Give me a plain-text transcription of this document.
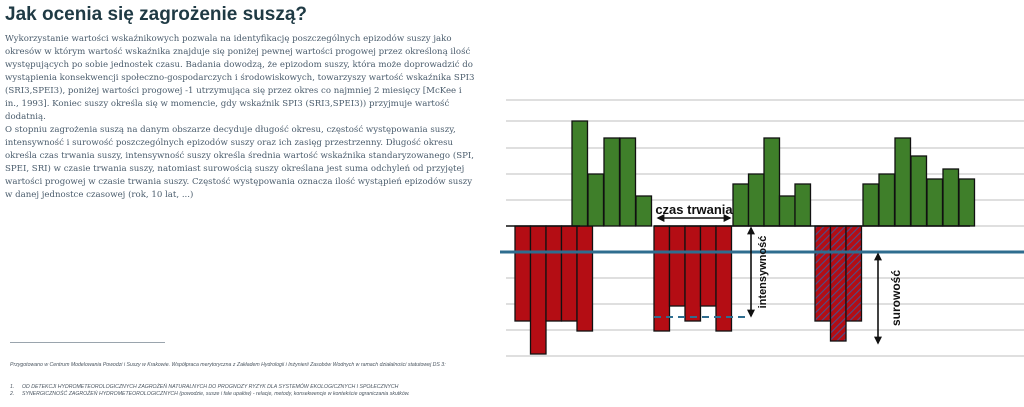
Jak ocenia się zagrożenie suszą?

Wykorzystanie wartości wskaźnikowych pozwala na identyfikację poszczególnych epizodów suszy jako okresów w którym wartość wskaźnika znajduje się poniżej pewnej wartości progowej przez określoną ilość występujących po sobie jednostek czasu. Badania dowodzą, że epizodom suszy, która może doprowadzić do wystąpienia konsekwencji społeczno-gospodarczych i środowiskowych, towarzyszy wartość wskaźnika SPI3 (SRI3,SPEI3), poniżej wartości progowej -1 utrzymująca się przez okres co najmniej 2 miesięcy [McKee i in., 1993]. Koniec suszy określa się w momencie, gdy wskaźnik SPI3 (SRI3,SPEI3)) przyjmuje wartość dodatnią.

O stopniu zagrożenia suszą na danym obszarze decyduje długość okresu, częstość występowania suszy, intensywność i surowość poszczególnych epizodów suszy oraz ich zasięg przestrzenny. Długość okresu określa czas trwania suszy, intensywność suszy określa średnia wartość wskaźnika standaryzowanego (SPI, SPEI, SRI) w czasie trwania suszy, natomiast surowością suszy określana jest suma odchyleń od przyjętej wartości progowej w czasie trwania suszy. Częstość występowania oznacza ilość wystąpień epizodów suszy w danej jednostce czasowej (rok, 10 lat, ...)

Przygotowano w Centrum Modelowania Powodzi i Suszy w Krakowie. Współpraca merytoryczna z Zakładem Hydrologii i Inżynierii Zasobów Wodnych w ramach działalności statutowej DS 3:

1. OD DETEKCJI HYDROMETEOROLOGICZNYCH ZAGROŻEŃ NATURALNYCH DO PROGNOZY RYZYK DLA SYSTEMÓW EKOLOGICZNYCH I SPOŁECZNYCH
2. SYNERGICZNOŚĆ ZAGROŻEŃ HYDROMETEOROLOGICZNYCH (powodzie, susze i fale upałów) - relacje, metody, konsekwencje w kontekście ograniczania skutków.
czas trwania
intensywność	surowość
